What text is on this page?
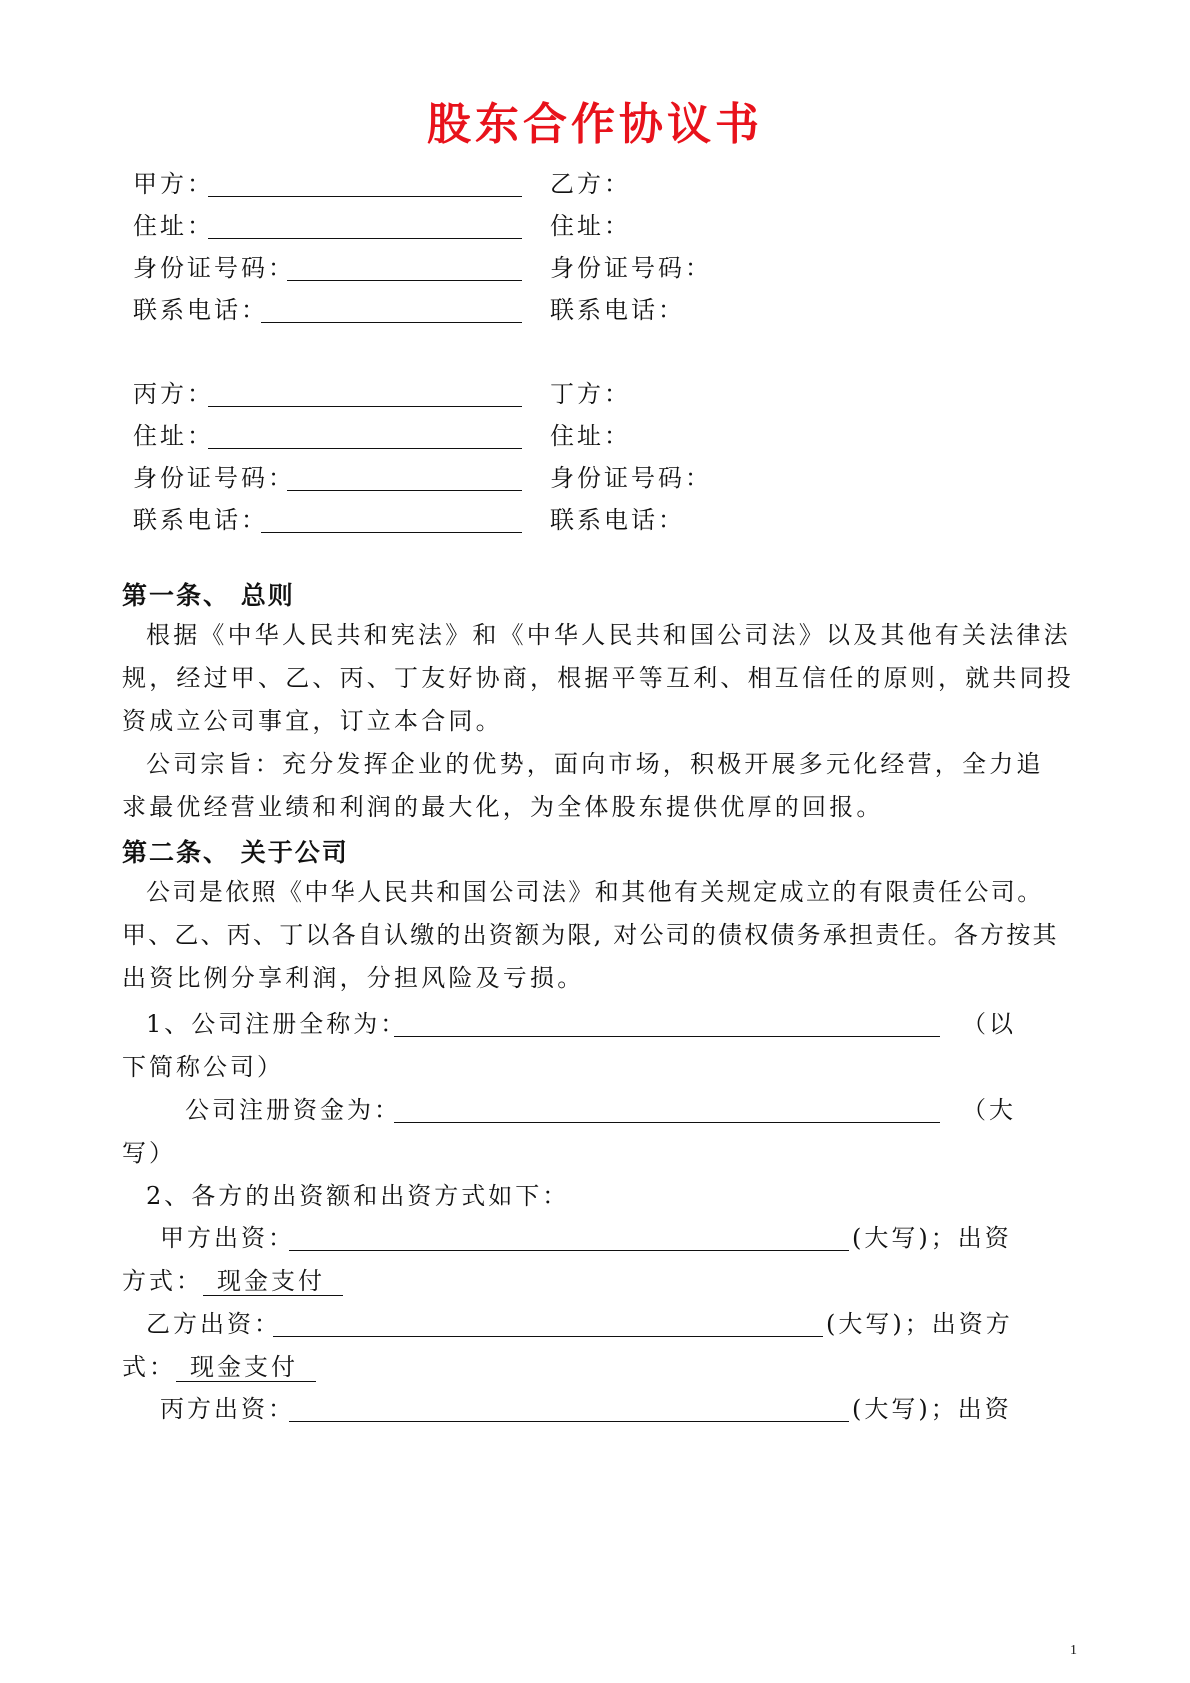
股东合作协议书
甲方：	乙方：
住址：	住址：
身份证号码：	身份证号码：
联系电话：	联系电话：
丙方：	丁方：
住址：	住址：
身份证号码：	身份证号码：
联系电话：	联系电话：
第一条、 总则
根据《中华人民共和宪法》和《中华人民共和国公司法》以及其他有关法律法
规，经过甲、乙、丙、丁友好协商，根据平等互利、相互信任的原则，就共同投
资成立公司事宜，订立本合同。
公司宗旨：充分发挥企业的优势，面向市场，积极开展多元化经营，全力追
求最优经营业绩和利润的最大化，为全体股东提供优厚的回报。
第二条、 关于公司
公司是依照《中华人民共和国公司法》和其他有关规定成立的有限责任公司。
甲、乙、丙、丁以各自认缴的出资额为限, 对公司的债权债务承担责任。各方按其
出资比例分享利润，分担风险及亏损。
1、公司注册全称为：	（以
下简称公司）
公司注册资金为：	（大
写）
2、各方的出资额和出资方式如下：
甲方出资：	(大写)；出资
方式： 现金支付
乙方出资：	(大写)；出资方
式： 现金支付
丙方出资：	(大写)；出资
1
